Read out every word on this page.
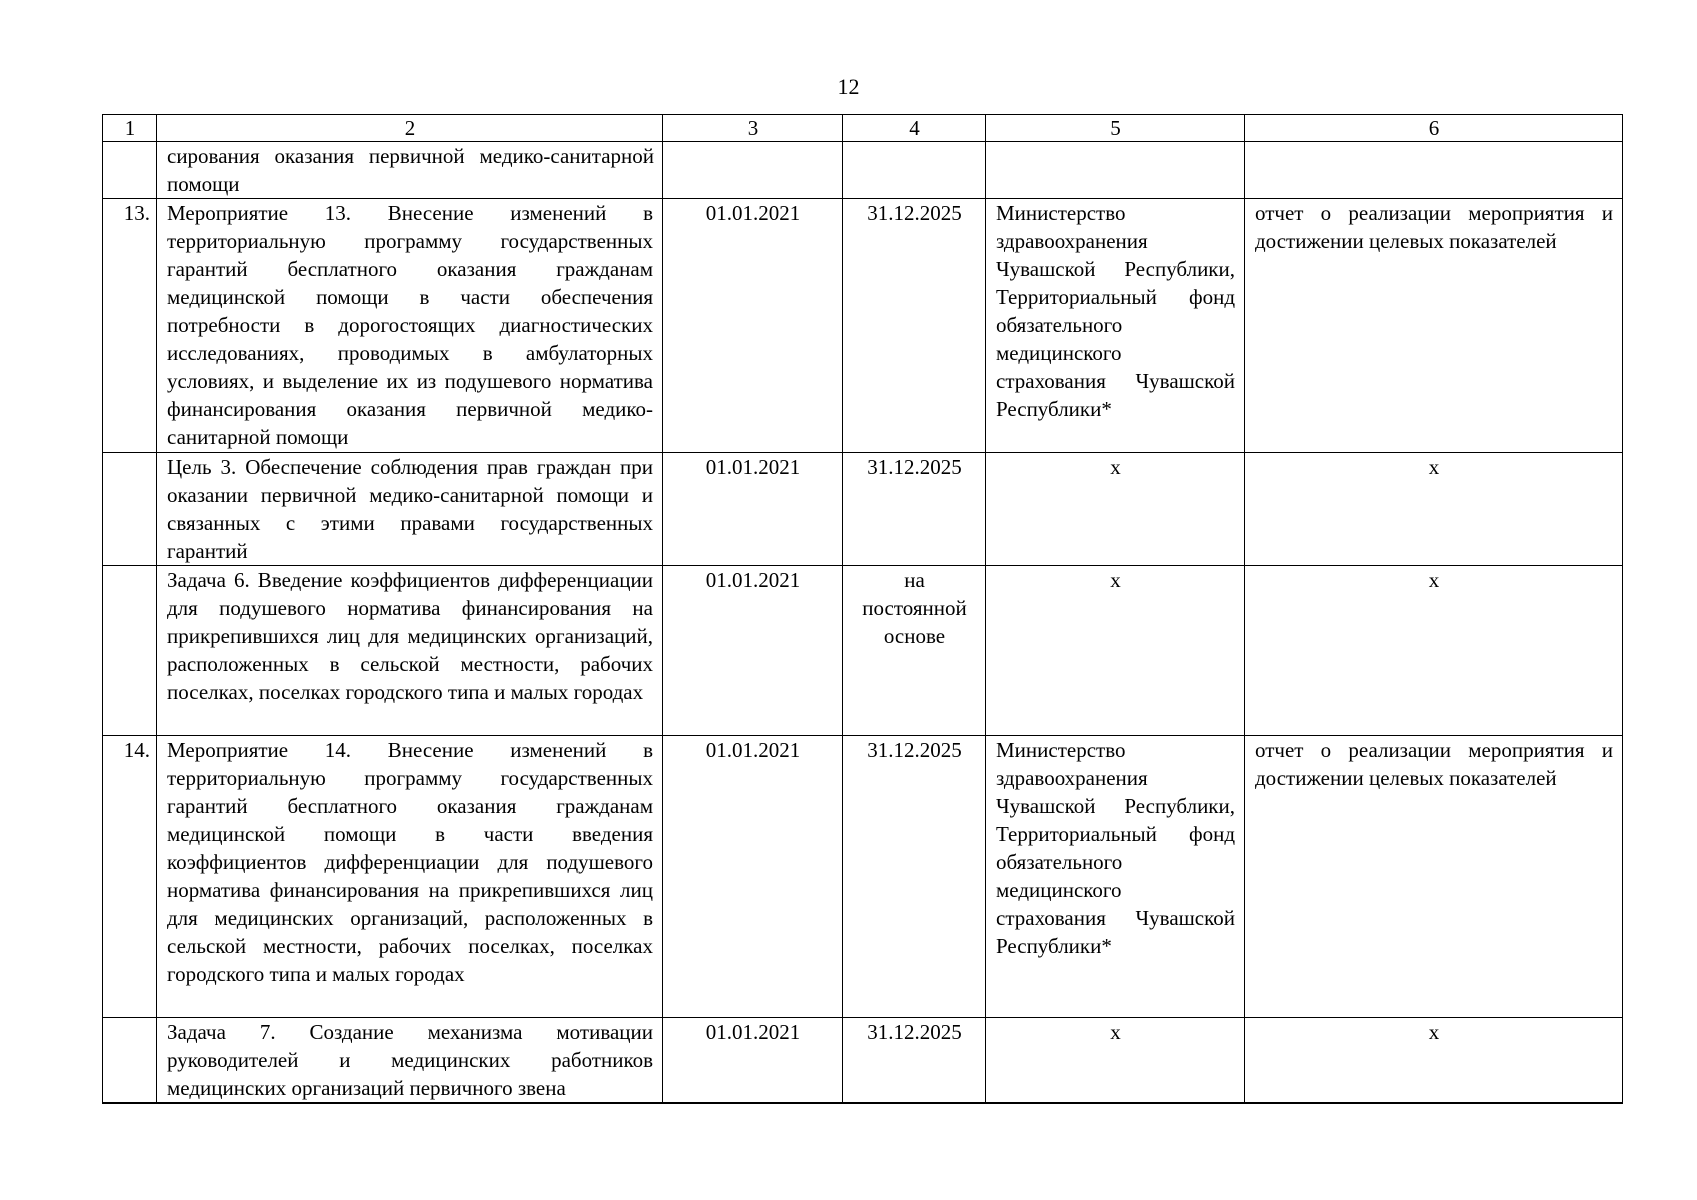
12
1	2	3	4	5	6
	сирования оказания первичной медико-санитарной помощи				
13.	Мероприятие 13. Внесение изменений в территориальную программу государственных гарантий бесплатного оказания гражданам медицинской помощи в части обеспечения потребности в дорогостоящих диагностических исследованиях, проводимых в амбулаторных условиях, и выделение их из подушевого норматива финансирования оказания первичной медико-санитарной помощи	01.01.2021	31.12.2025	Министерство здравоохранения Чувашской Республики, Территориальный фонд обязательного медицинского страхования Чувашской Республики*	отчет о реализации мероприятия и достижении целевых показателей
	Цель 3. Обеспечение соблюдения прав граждан при оказании первичной медико-санитарной помощи и связанных с этими правами государственных гарантий	01.01.2021	31.12.2025	х	х
	Задача 6. Введение коэффициентов дифференциации для подушевого норматива финансирования на прикрепившихся лиц для медицинских организаций, расположенных в сельской местности, рабочих поселках, поселках городского типа и малых городах	01.01.2021	на постоянной основе	х	х
14.	Мероприятие 14. Внесение изменений в территориальную программу государственных гарантий бесплатного оказания гражданам медицинской помощи в части введения коэффициентов дифференциации для подушевого норматива финансирования на прикрепившихся лиц для медицинских организаций, расположенных в сельской местности, рабочих поселках, поселках городского типа и малых городах	01.01.2021	31.12.2025	Министерство здравоохранения Чувашской Республики, Территориальный фонд обязательного медицинского страхования Чувашской Республики*	отчет о реализации мероприятия и достижении целевых показателей
	Задача 7. Создание механизма мотивации руководителей и медицинских работников медицинских организаций первичного звена	01.01.2021	31.12.2025	х	х
